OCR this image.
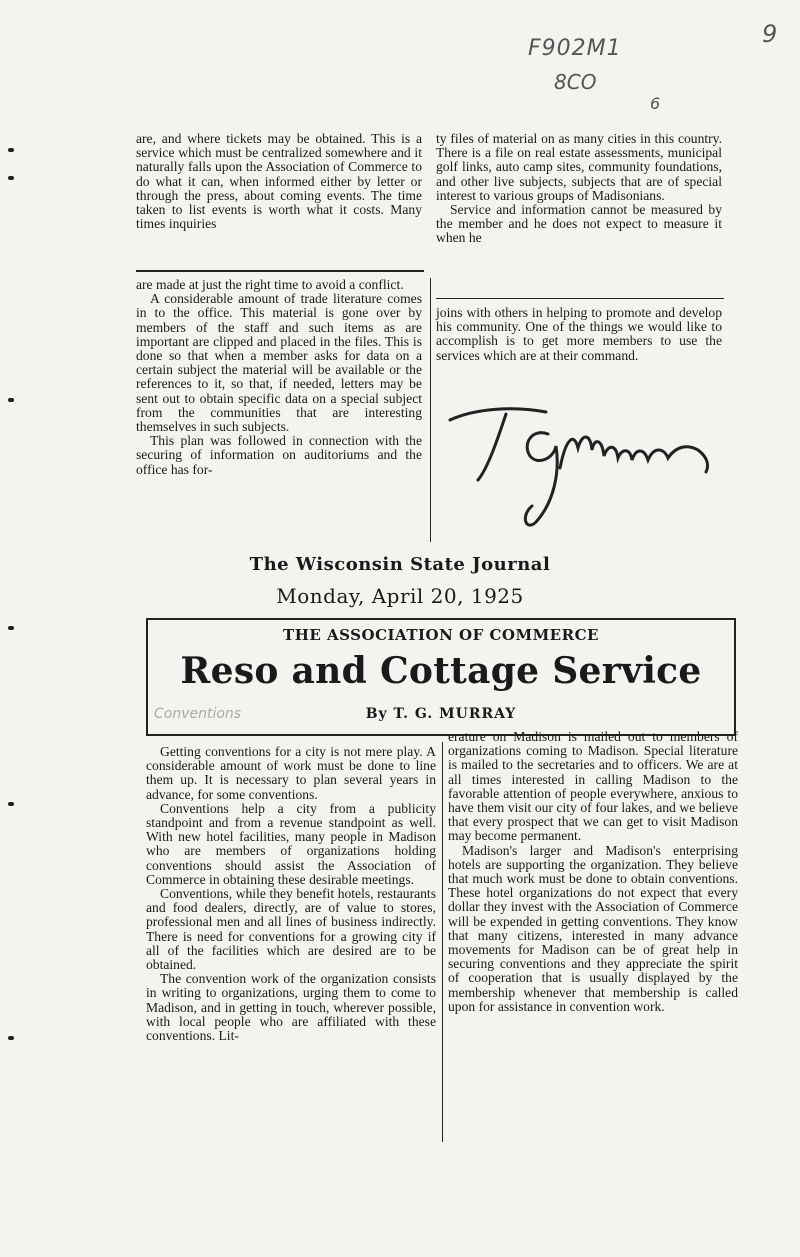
F902M1
8CO
9
6

are, and where tickets may be obtained. This is a service which must be centralized somewhere and it naturally falls upon the Association of Commerce to do what it can, when informed either by letter or through the press, about coming events. The time taken to list events is worth what it costs. Many times inquiries

are made at just the right time to avoid a conflict.

A considerable amount of trade literature comes in to the office. This material is gone over by members of the staff and such items as are important are clipped and placed in the files. This is done so that when a member asks for data on a certain subject the material will be available or the references to it, so that, if needed, letters may be sent out to obtain specific data on a special subject from the communities that are interesting themselves in such subjects.

This plan was followed in connection with the securing of information on auditoriums and the office has for-

ty files of material on as many cities in this country. There is a file on real estate assessments, municipal golf links, auto camp sites, community foundations, and other live subjects, subjects that are of special interest to various groups of Madisonians.

Service and information cannot be measured by the member and he does not expect to measure it when he

joins with others in helping to promote and develop his community. One of the things we would like to accomplish is to get more members to use the services which are at their command.

The Wisconsin State Journal
Monday, April 20, 1925
THE ASSOCIATION OF COMMERCE
Reso and Cottage Service
Conventions	By T. G. MURRAY

Getting conventions for a city is not mere play. A considerable amount of work must be done to line them up. It is necessary to plan several years in advance, for some conventions.

Conventions help a city from a publicity standpoint and from a revenue standpoint as well. With new hotel facilities, many people in Madison who are members of organizations holding conventions should assist the Association of Commerce in obtaining these desirable meetings.

Conventions, while they benefit hotels, restaurants and food dealers, directly, are of value to stores, professional men and all lines of business indirectly. There is need for conventions for a growing city if all of the facilities which are desired are to be obtained.

The convention work of the organization consists in writing to organizations, urging them to come to Madison, and in getting in touch, wherever possible, with local people who are affiliated with these conventions. Lit-

erature on Madison is mailed out to members of organizations coming to Madison. Special literature is mailed to the secretaries and to officers. We are at all times interested in calling Madison to the favorable attention of people everywhere, anxious to have them visit our city of four lakes, and we believe that every prospect that we can get to visit Madison may become permanent.

Madison's larger and Madison's enterprising hotels are supporting the organization. They believe that much work must be done to obtain conventions. These hotel organizations do not expect that every dollar they invest with the Association of Commerce will be expended in getting conventions. They know that many citizens, interested in many advance movements for Madison can be of great help in securing conventions and they appreciate the spirit of cooperation that is usually displayed by the membership whenever that membership is called upon for assistance in convention work.
